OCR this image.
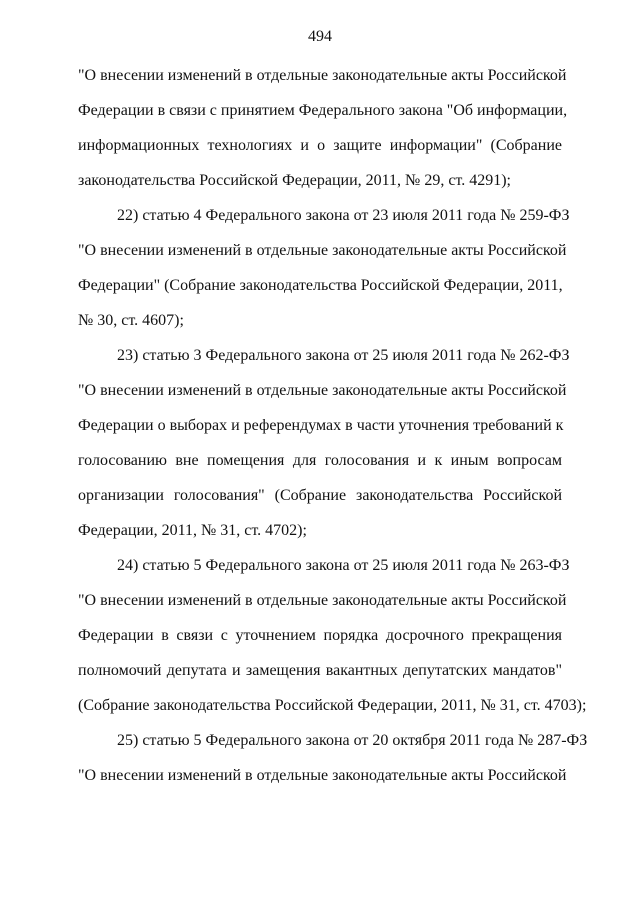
494
"О внесении изменений в отдельные законодательные акты Российской
Федерации в связи с принятием Федерального закона "Об информации,
информационных технологиях и о защите информации" (Собрание
законодательства Российской Федерации, 2011, № 29, ст. 4291);
22) статью 4 Федерального закона от 23 июля 2011 года № 259-ФЗ
"О внесении изменений в отдельные законодательные акты Российской
Федерации" (Собрание законодательства Российской Федерации, 2011,
№ 30, ст. 4607);
23) статью 3 Федерального закона от 25 июля 2011 года № 262-ФЗ
"О внесении изменений в отдельные законодательные акты Российской
Федерации о выборах и референдумах в части уточнения требований к
голосованию вне помещения для голосования и к иным вопросам
организации голосования" (Собрание законодательства Российской
Федерации, 2011, № 31, ст. 4702);
24) статью 5 Федерального закона от 25 июля 2011 года № 263-ФЗ
"О внесении изменений в отдельные законодательные акты Российской
Федерации в связи с уточнением порядка досрочного прекращения
полномочий депутата и замещения вакантных депутатских мандатов"
(Собрание законодательства Российской Федерации, 2011, № 31, ст. 4703);
25) статью 5 Федерального закона от 20 октября 2011 года № 287-ФЗ
"О внесении изменений в отдельные законодательные акты Российской
